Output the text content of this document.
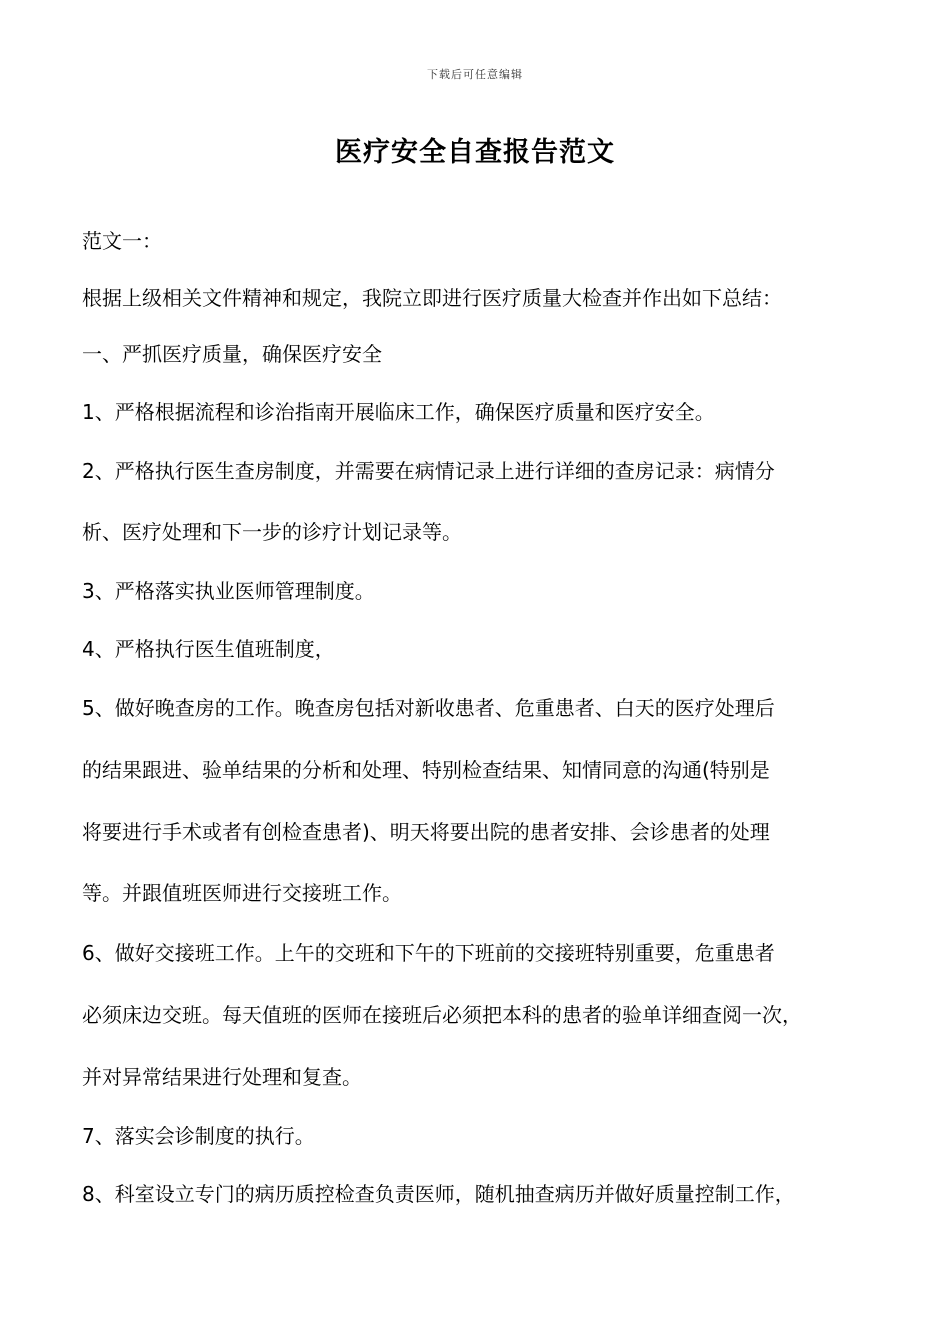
下载后可任意编辑
医疗安全自查报告范文
范文一：
根据上级相关文件精神和规定，我院立即进行医疗质量大检查并作出如下总结：
一、严抓医疗质量，确保医疗安全
1、严格根据流程和诊治指南开展临床工作，确保医疗质量和医疗安全。
2、严格执行医生查房制度，并需要在病情记录上进行详细的查房记录：病情分
析、医疗处理和下一步的诊疗计划记录等。
3、严格落实执业医师管理制度。
4、严格执行医生值班制度，
5、做好晚查房的工作。晚查房包括对新收患者、危重患者、白天的医疗处理后
的结果跟进、验单结果的分析和处理、特别检查结果、知情同意的沟通(特别是
将要进行手术或者有创检查患者)、明天将要出院的患者安排、会诊患者的处理
等。并跟值班医师进行交接班工作。
6、做好交接班工作。上午的交班和下午的下班前的交接班特别重要，危重患者
必须床边交班。每天值班的医师在接班后必须把本科的患者的验单详细查阅一次，
并对异常结果进行处理和复查。
7、落实会诊制度的执行。
8、科室设立专门的病历质控检查负责医师，随机抽查病历并做好质量控制工作，
